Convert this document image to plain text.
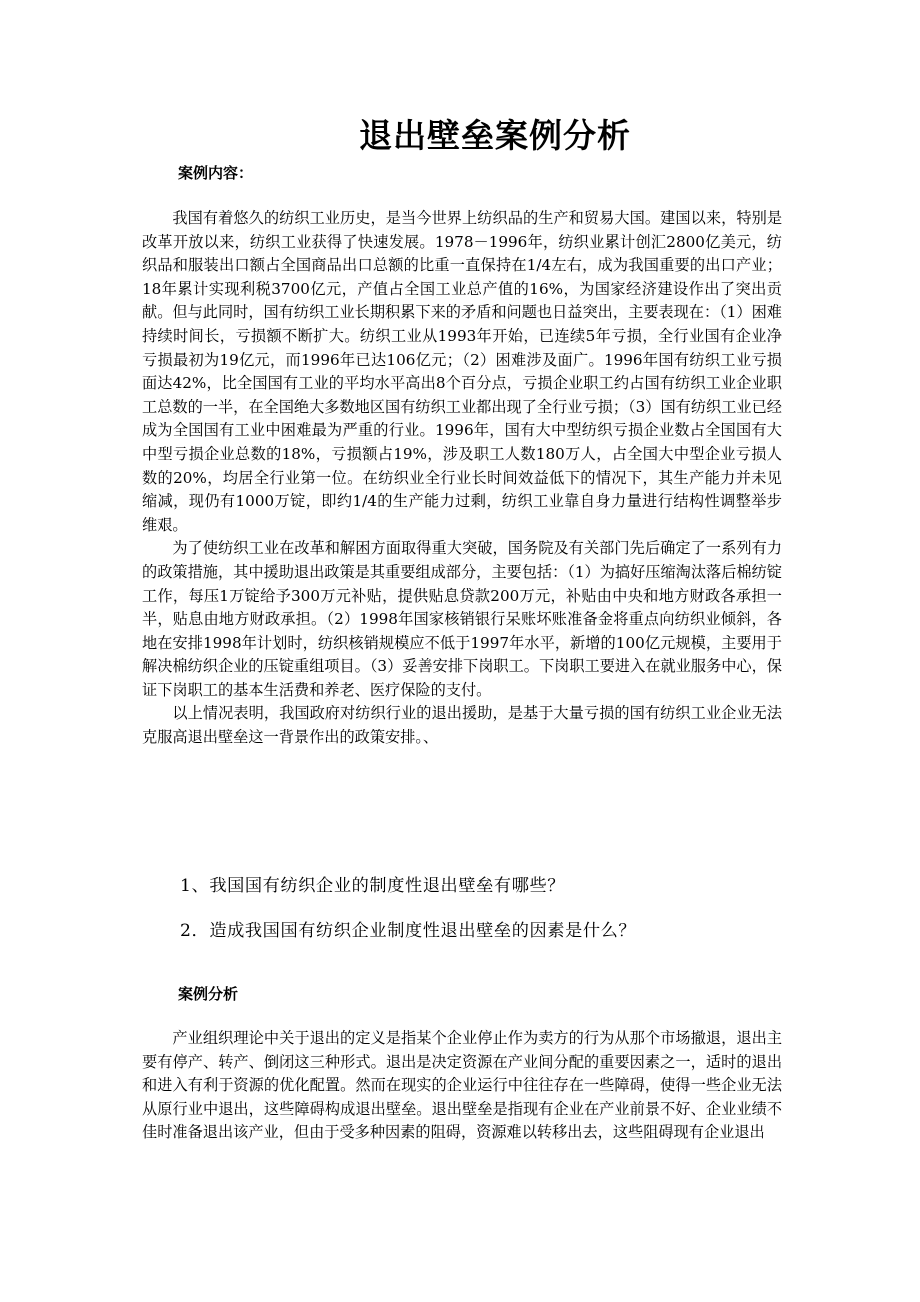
退出壁垒案例分析
案例内容：

我国有着悠久的纺织工业历史，是当今世界上纺织品的生产和贸易大国。建国以来，特别是改革开放以来，纺织工业获得了快速发展。1978－1996年，纺织业累计创汇2800亿美元，纺织品和服装出口额占全国商品出口总额的比重一直保持在1/4左右，成为我国重要的出口产业；18年累计实现利税3700亿元，产值占全国工业总产值的16%，为国家经济建设作出了突出贡献。但与此同时，国有纺织工业长期积累下来的矛盾和问题也日益突出，主要表现在：（1）困难持续时间长，亏损额不断扩大。纺织工业从1993年开始，已连续5年亏损，全行业国有企业净亏损最初为19亿元，而1996年已达106亿元；（2）困难涉及面广。1996年国有纺织工业亏损面达42%，比全国国有工业的平均水平高出8个百分点，亏损企业职工约占国有纺织工业企业职工总数的一半，在全国绝大多数地区国有纺织工业都出现了全行业亏损；（3）国有纺织工业已经成为全国国有工业中困难最为严重的行业。1996年，国有大中型纺织亏损企业数占全国国有大中型亏损企业总数的18%，亏损额占19%，涉及职工人数180万人，占全国大中型企业亏损人数的20%，均居全行业第一位。在纺织业全行业长时间效益低下的情况下，其生产能力并未见缩减，现仍有1000万锭，即约1/4的生产能力过剩，纺织工业靠自身力量进行结构性调整举步维艰。

为了使纺织工业在改革和解困方面取得重大突破，国务院及有关部门先后确定了一系列有力的政策措施，其中援助退出政策是其重要组成部分，主要包括：（1）为搞好压缩淘汰落后棉纺锭工作，每压1万锭给予300万元补贴，提供贴息贷款200万元，补贴由中央和地方财政各承担一半，贴息由地方财政承担。（2）1998年国家核销银行呆账坏账准备金将重点向纺织业倾斜，各地在安排1998年计划时，纺织核销规模应不低于1997年水平，新增的100亿元规模，主要用于解决棉纺织企业的压锭重组项目。（3）妥善安排下岗职工。下岗职工要进入在就业服务中心，保证下岗职工的基本生活费和养老、医疗保险的支付。

以上情况表明，我国政府对纺织行业的退出援助，是基于大量亏损的国有纺织工业企业无法克服高退出壁垒这一背景作出的政策安排。、

1、我国国有纺织企业的制度性退出壁垒有哪些？

2．造成我国国有纺织企业制度性退出壁垒的因素是什么？

案例分析

产业组织理论中关于退出的定义是指某个企业停止作为卖方的行为从那个市场撤退，退出主要有停产、转产、倒闭这三种形式。退出是决定资源在产业间分配的重要因素之一，适时的退出和进入有利于资源的优化配置。然而在现实的企业运行中往往存在一些障碍，使得一些企业无法从原行业中退出，这些障碍构成退出壁垒。退出壁垒是指现有企业在产业前景不好、企业业绩不佳时准备退出该产业，但由于受多种因素的阻碍，资源难以转移出去，这些阻碍现有企业退出
